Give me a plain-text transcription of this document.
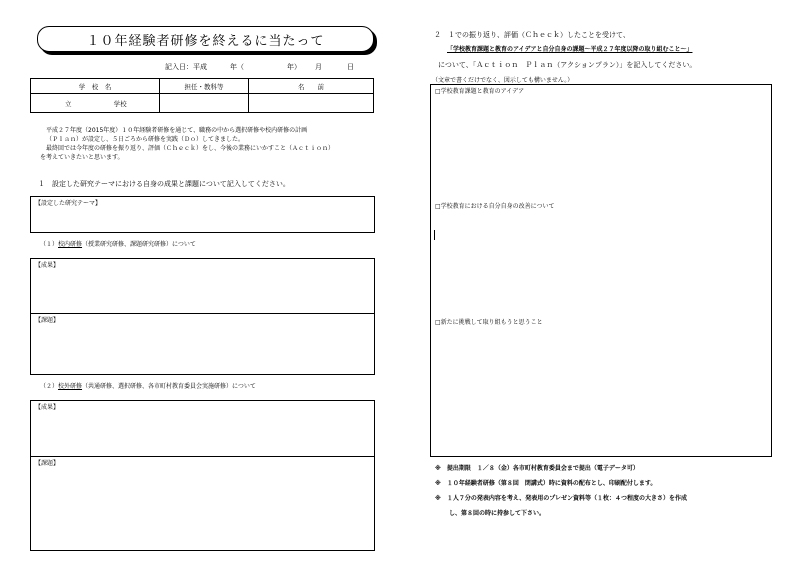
１０年経験者研修を終えるに当たって
記入日：平成	年（	年） 月	日
学　校　名	担任・教科等	名　　前
立 学校		
平成２７年度（2015年度）１０年経験者研修を通じて、職務の中から選択研修や校内研修の計画
（Ｐｌａｎ）が設定し、５日ごろから研修を実践（Ｄｏ）してきました。
最終回では今年度の研修を振り返り、評価（Ｃｈｅｃｋ）をし、今後の業務にいかすこと（Ａｃｔｉｏｎ）
を考えていきたいと思います。
１　設定した研究テーマにおける自身の成果と課題について記入してください。
【設定した研究テーマ】
（１）校内研修（授業研究研修、課題研究研修）について
【成果】
【課題】
（２）校外研修（共通研修、選択研修、各市町村教育委員会実施研修）について
【成果】
【課題】
２　１での振り返り、評価（Ｃｈｅｃｋ）したことを受けて、
「学校教育課題と教育のアイデアと自分自身の課題～平成２７年度以降の取り組むこと～」
について、「Ａｃｔｉｏｎ　Ｐｌａｎ（アクションプラン）」を記入してください。
（文章で書くだけでなく、図示しても構いません。）
□学校教育課題と教育のアイデア
□学校教育における自分自身の改善について
□新たに挑戦して取り組もうと思うこと
※　提出期限　１／８（金）各市町村教育委員会まで提出（電子データ可）
※　１０年経験者研修（第８回　閉講式）時に資料の配布とし、印刷配付します。
※　１人７分の発表内容を考え、発表用のプレゼン資料等（１枚：４つ程度の大きさ）を作成
し、第８回の時に持参して下さい。
